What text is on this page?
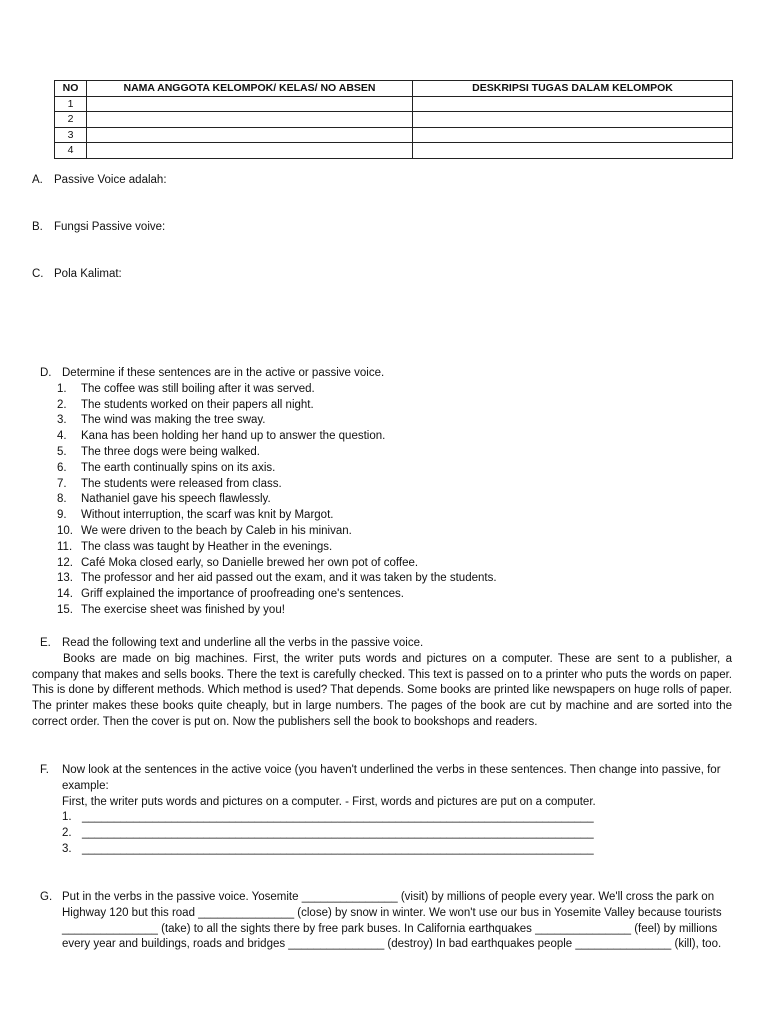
NO	NAMA ANGGOTA KELOMPOK/ KELAS/ NO ABSEN	DESKRIPSI TUGAS DALAM KELOMPOK
1		
2		
3		
4		
A. Passive Voice adalah:
B. Fungsi Passive voive:
C. Pola Kalimat:
D. Determine if these sentences are in the active or passive voice.
1.	The coffee was still boiling after it was served.
2.	The students worked on their papers all night.
3.	The wind was making the tree sway.
4.	Kana has been holding her hand up to answer the question.
5.	The three dogs were being walked.
6.	The earth continually spins on its axis.
7.	The students were released from class.
8.	Nathaniel gave his speech flawlessly.
9.	Without interruption, the scarf was knit by Margot.
10. We were driven to the beach by Caleb in his minivan.
11. The class was taught by Heather in the evenings.
12. Café Moka closed early, so Danielle brewed her own pot of coffee.
13. The professor and her aid passed out the exam, and it was taken by the students.
14. Griff explained the importance of proofreading one's sentences.
15. The exercise sheet was finished by you!
E. Read the following text and underline all the verbs in the passive voice.
Books are made on big machines. First, the writer puts words and pictures on a computer. These are sent to a publisher, a company that makes and sells books. There the text is carefully checked. This text is passed on to a printer who puts the words on paper. This is done by different methods. Which method is used? That depends. Some books are printed like newspapers on huge rolls of paper. The printer makes these books quite cheaply, but in large numbers. The pages of the book are cut by machine and are sorted into the correct order. Then the cover is put on. Now the publishers sell the book to bookshops and readers.
F.	Now look at the sentences in the active voice (you haven't underlined the verbs in these sentences. Then change into passive, for example:
First, the writer puts words and pictures on a computer. - First, words and pictures are put on a computer.
1. ________________________________________________________________________________
2. ________________________________________________________________________________
3. ________________________________________________________________________________
G. Put in the verbs in the passive voice. Yosemite _______________ (visit) by millions of people every year. We'll cross the park on Highway 120 but this road _______________ (close) by snow in winter. We won't use our bus in Yosemite Valley because tourists _______________ (take) to all the sights there by free park buses. In California earthquakes _______________ (feel) by millions every year and buildings, roads and bridges _______________ (destroy) In bad earthquakes people _______________ (kill), too.
